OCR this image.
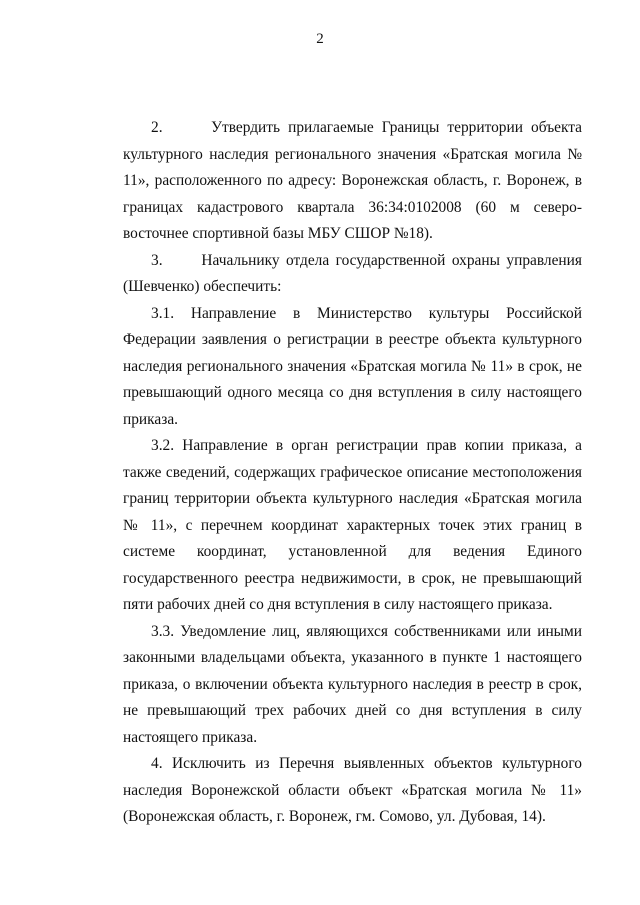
2

2.      Утвердить прилагаемые Границы территории объекта культурного наследия регионального значения «Братская могила № 11», расположенного по адресу: Воронежская область, г. Воронеж, в границах кадастрового квартала 36:34:0102008 (60 м северо-восточнее спортивной базы МБУ СШОР №18).

3.      Начальнику отдела государственной охраны управления (Шевченко) обеспечить:

3.1. Направление в Министерство культуры Российской Федерации заявления о регистрации в реестре объекта культурного наследия регионального значения «Братская могила № 11» в срок, не превышающий одного месяца со дня вступления в силу настоящего приказа.

3.2. Направление в орган регистрации прав копии приказа, а также сведений, содержащих графическое описание местоположения границ территории объекта культурного наследия «Братская могила № 11», с перечнем координат характерных точек этих границ в системе координат, установленной для ведения Единого государственного реестра недвижимости, в срок, не превышающий пяти рабочих дней со дня вступления в силу настоящего приказа.

3.3. Уведомление лиц, являющихся собственниками или иными законными владельцами объекта, указанного в пункте 1 настоящего приказа, о включении объекта культурного наследия в реестр в срок, не превышающий трех рабочих дней со дня вступления в силу настоящего приказа.

4. Исключить из Перечня выявленных объектов культурного наследия Воронежской области объект «Братская могила № 11» (Воронежская область, г. Воронеж, гм. Сомово, ул. Дубовая, 14).
